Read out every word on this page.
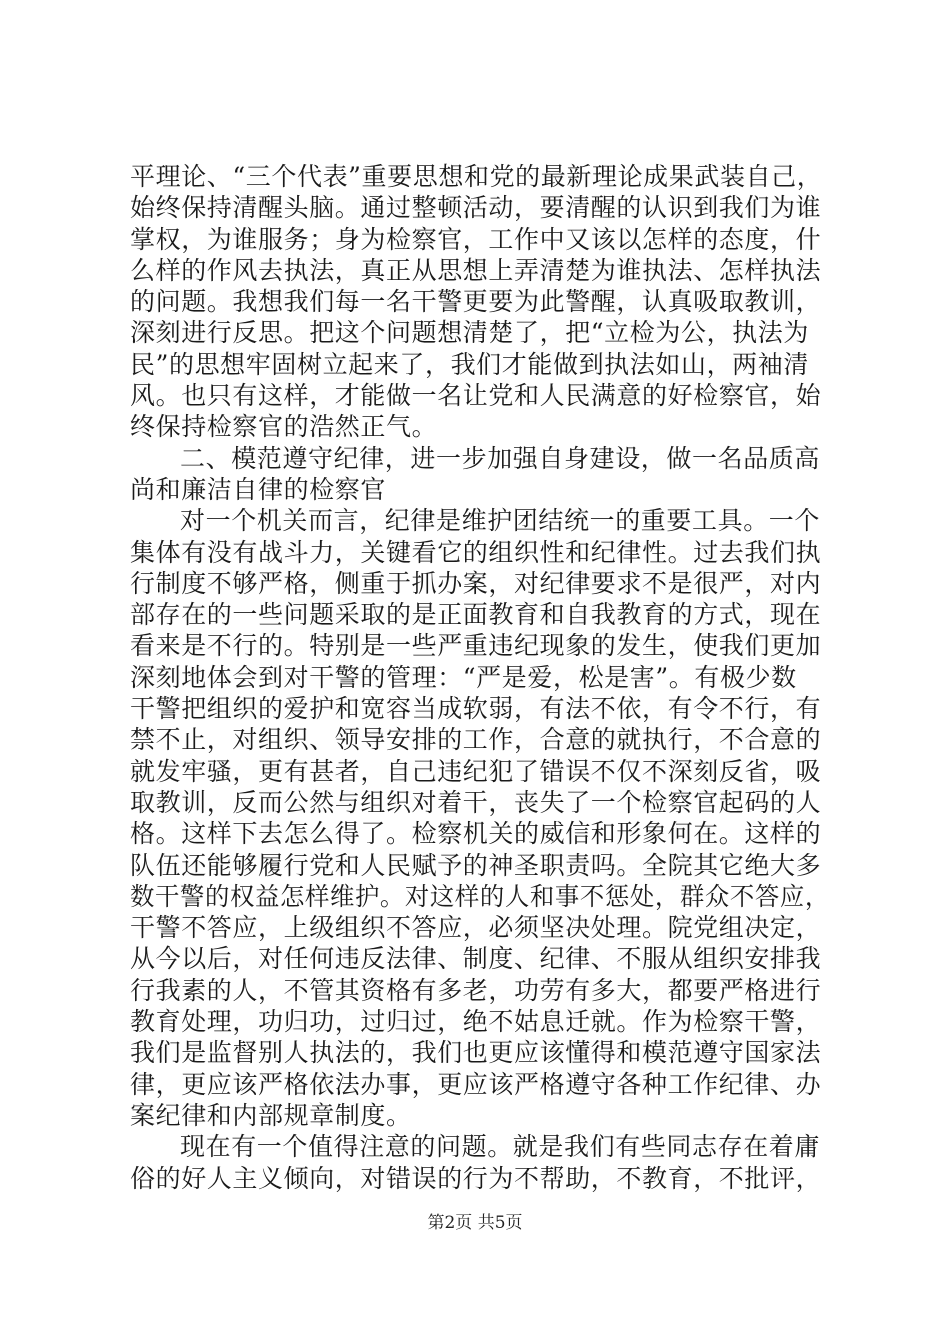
平理论、“三个代表”重要思想和党的最新理论成果武装自己，
始终保持清醒头脑。通过整顿活动，要清醒的认识到我们为谁
掌权，为谁服务；身为检察官，工作中又该以怎样的态度，什
么样的作风去执法，真正从思想上弄清楚为谁执法、怎样执法
的问题。我想我们每一名干警更要为此警醒，认真吸取教训，
深刻进行反思。把这个问题想清楚了，把“立检为公，执法为
民”的思想牢固树立起来了，我们才能做到执法如山，两袖清
风。也只有这样，才能做一名让党和人民满意的好检察官，始
终保持检察官的浩然正气。
二、模范遵守纪律，进一步加强自身建设，做一名品质高
尚和廉洁自律的检察官
对一个机关而言，纪律是维护团结统一的重要工具。一个
集体有没有战斗力，关键看它的组织性和纪律性。过去我们执
行制度不够严格，侧重于抓办案，对纪律要求不是很严，对内
部存在的一些问题采取的是正面教育和自我教育的方式，现在
看来是不行的。特别是一些严重违纪现象的发生，使我们更加
深刻地体会到对干警的管理：“严是爱，松是害”。有极少数
干警把组织的爱护和宽容当成软弱，有法不依，有令不行，有
禁不止，对组织、领导安排的工作，合意的就执行，不合意的
就发牢骚，更有甚者，自己违纪犯了错误不仅不深刻反省，吸
取教训，反而公然与组织对着干，丧失了一个检察官起码的人
格。这样下去怎么得了。检察机关的威信和形象何在。这样的
队伍还能够履行党和人民赋予的神圣职责吗。全院其它绝大多
数干警的权益怎样维护。对这样的人和事不惩处，群众不答应，
干警不答应，上级组织不答应，必须坚决处理。院党组决定，
从今以后，对任何违反法律、制度、纪律、不服从组织安排我
行我素的人，不管其资格有多老，功劳有多大，都要严格进行
教育处理，功归功，过归过，绝不姑息迁就。作为检察干警，
我们是监督别人执法的，我们也更应该懂得和模范遵守国家法
律，更应该严格依法办事，更应该严格遵守各种工作纪律、办
案纪律和内部规章制度。
现在有一个值得注意的问题。就是我们有些同志存在着庸
俗的好人主义倾向，对错误的行为不帮助，不教育，不批评，
第2页 共5页
